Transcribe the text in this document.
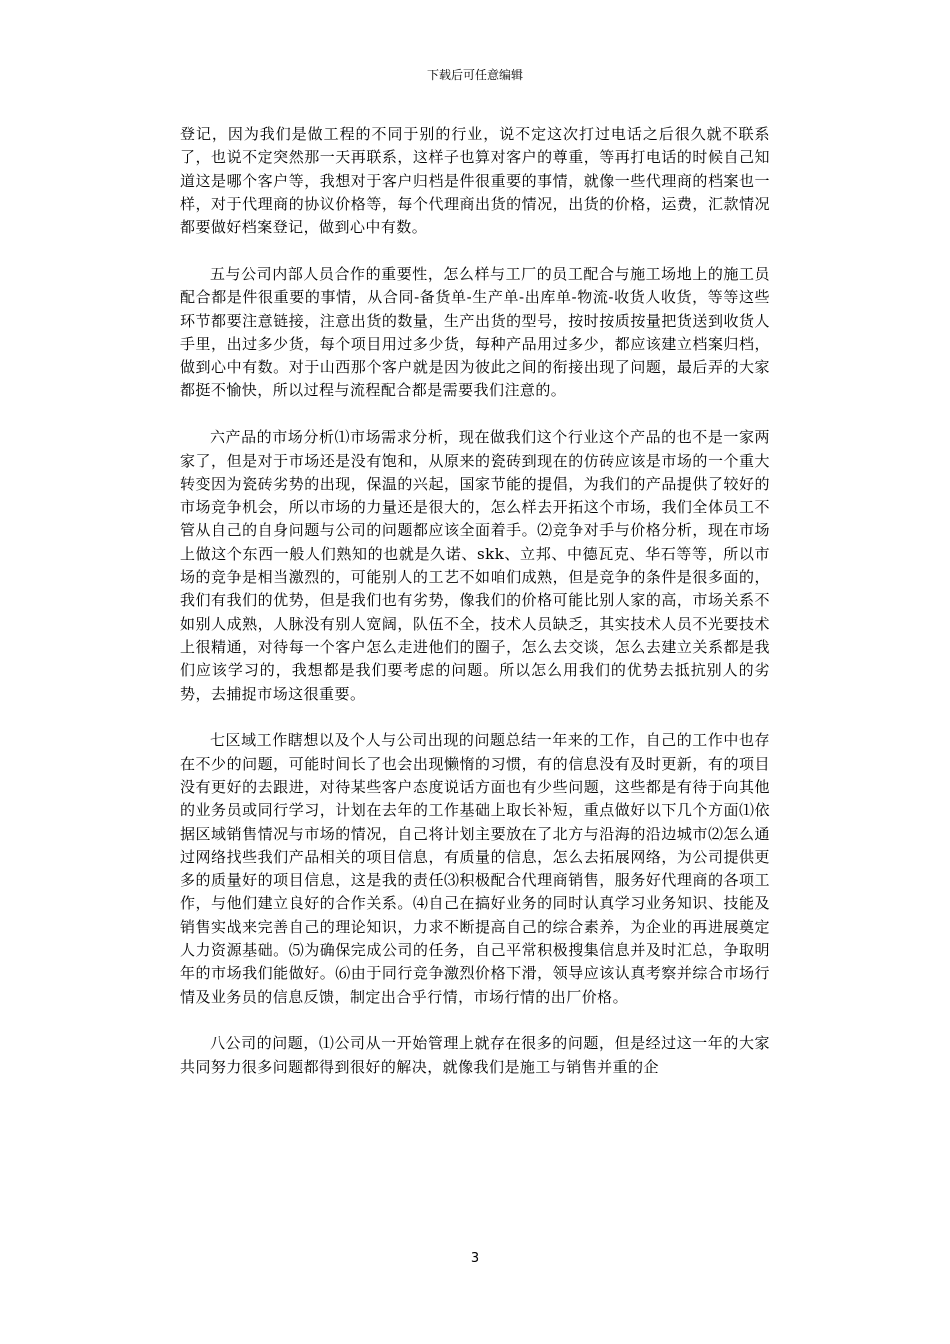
下载后可任意编辑

登记，因为我们是做工程的不同于别的行业，说不定这次打过电话之后很久就不联系了，也说不定突然那一天再联系，这样子也算对客户的尊重，等再打电话的时候自己知道这是哪个客户等，我想对于客户归档是件很重要的事情，就像一些代理商的档案也一样，对于代理商的协议价格等，每个代理商出货的情况，出货的价格，运费，汇款情况都要做好档案登记，做到心中有数。

五与公司内部人员合作的重要性，怎么样与工厂的员工配合与施工场地上的施工员配合都是件很重要的事情，从合同-备货单-生产单-出库单-物流-收货人收货，等等这些环节都要注意链接，注意出货的数量，生产出货的型号，按时按质按量把货送到收货人手里，出过多少货，每个项目用过多少货，每种产品用过多少，都应该建立档案归档，做到心中有数。对于山西那个客户就是因为彼此之间的衔接出现了问题，最后弄的大家都挺不愉快，所以过程与流程配合都是需要我们注意的。

六产品的市场分析⑴市场需求分析，现在做我们这个行业这个产品的也不是一家两家了，但是对于市场还是没有饱和，从原来的瓷砖到现在的仿砖应该是市场的一个重大转变因为瓷砖劣势的出现，保温的兴起，国家节能的提倡，为我们的产品提供了较好的市场竞争机会，所以市场的力量还是很大的，怎么样去开拓这个市场，我们全体员工不管从自己的自身问题与公司的问题都应该全面着手。⑵竞争对手与价格分析，现在市场上做这个东西一般人们熟知的也就是久诺、skk、立邦、中德瓦克、华石等等，所以市场的竞争是相当激烈的，可能别人的工艺不如咱们成熟，但是竞争的条件是很多面的，我们有我们的优势，但是我们也有劣势，像我们的价格可能比别人家的高，市场关系不如别人成熟，人脉没有别人宽阔，队伍不全，技术人员缺乏，其实技术人员不光要技术上很精通，对待每一个客户怎么走进他们的圈子，怎么去交谈，怎么去建立关系都是我们应该学习的，我想都是我们要考虑的问题。所以怎么用我们的优势去抵抗别人的劣势，去捕捉市场这很重要。

七区域工作瞎想以及个人与公司出现的问题总结一年来的工作，自己的工作中也存在不少的问题，可能时间长了也会出现懒惰的习惯，有的信息没有及时更新，有的项目没有更好的去跟进，对待某些客户态度说话方面也有少些问题，这些都是有待于向其他的业务员或同行学习，计划在去年的工作基础上取长补短，重点做好以下几个方面⑴依据区域销售情况与市场的情况，自己将计划主要放在了北方与沿海的沿边城市⑵怎么通过网络找些我们产品相关的项目信息，有质量的信息，怎么去拓展网络，为公司提供更多的质量好的项目信息，这是我的责任⑶积极配合代理商销售，服务好代理商的各项工作，与他们建立良好的合作关系。⑷自己在搞好业务的同时认真学习业务知识、技能及销售实战来完善自己的理论知识，力求不断提高自己的综合素养，为企业的再进展奠定人力资源基础。⑸为确保完成公司的任务，自己平常积极搜集信息并及时汇总，争取明年的市场我们能做好。⑹由于同行竞争激烈价格下滑，领导应该认真考察并综合市场行情及业务员的信息反馈，制定出合乎行情，市场行情的出厂价格。

八公司的问题，⑴公司从一开始管理上就存在很多的问题，但是经过这一年的大家共同努力很多问题都得到很好的解决，就像我们是施工与销售并重的企

3
